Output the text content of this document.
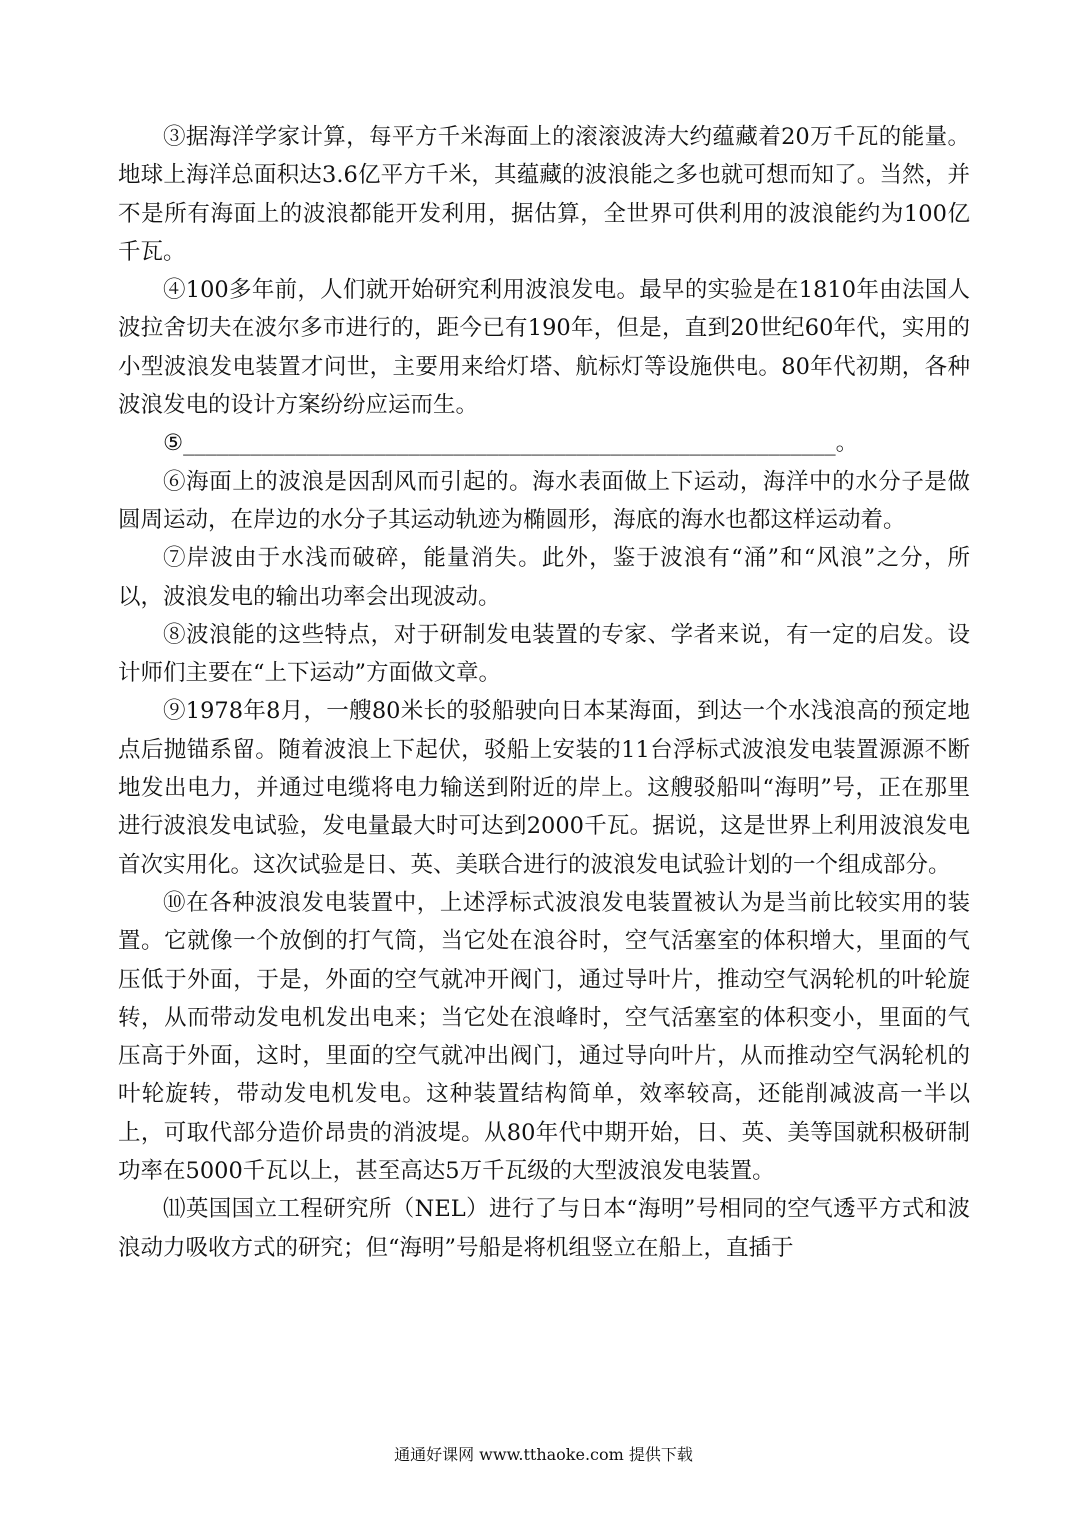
③据海洋学家计算，每平方千米海面上的滚滚波涛大约蕴藏着20万千瓦的能量。地球上海洋总面积达3.6亿平方千米，其蕴藏的波浪能之多也就可想而知了。当然，并不是所有海面上的波浪都能开发利用，据估算，全世界可供利用的波浪能约为100亿千瓦。

④100多年前，人们就开始研究利用波浪发电。最早的实验是在1810年由法国人波拉舍切夫在波尔多市进行的，距今已有190年，但是，直到20世纪60年代，实用的小型波浪发电装置才问世，主要用来给灯塔、航标灯等设施供电。80年代初期，各种波浪发电的设计方案纷纷应运而生。

⑤__________________________________________________________。

⑥海面上的波浪是因刮风而引起的。海水表面做上下运动，海洋中的水分子是做圆周运动，在岸边的水分子其运动轨迹为椭圆形，海底的海水也都这样运动着。

⑦岸波由于水浅而破碎，能量消失。此外，鉴于波浪有“涌”和“风浪”之分，所以，波浪发电的输出功率会出现波动。

⑧波浪能的这些特点，对于研制发电装置的专家、学者来说，有一定的启发。设计师们主要在“上下运动”方面做文章。

⑨1978年8月，一艘80米长的驳船驶向日本某海面，到达一个水浅浪高的预定地点后抛锚系留。随着波浪上下起伏，驳船上安装的11台浮标式波浪发电装置源源不断地发出电力，并通过电缆将电力输送到附近的岸上。这艘驳船叫“海明”号，正在那里进行波浪发电试验，发电量最大时可达到2000千瓦。据说，这是世界上利用波浪发电首次实用化。这次试验是日、英、美联合进行的波浪发电试验计划的一个组成部分。

⑩在各种波浪发电装置中，上述浮标式波浪发电装置被认为是当前比较实用的装置。它就像一个放倒的打气筒，当它处在浪谷时，空气活塞室的体积增大，里面的气压低于外面，于是，外面的空气就冲开阀门，通过导叶片，推动空气涡轮机的叶轮旋转，从而带动发电机发出电来；当它处在浪峰时，空气活塞室的体积变小，里面的气压高于外面，这时，里面的空气就冲出阀门，通过导向叶片，从而推动空气涡轮机的叶轮旋转，带动发电机发电。这种装置结构简单，效率较高，还能削减波高一半以上，可取代部分造价昂贵的消波堤。从80年代中期开始，日、英、美等国就积极研制功率在5000千瓦以上，甚至高达5万千瓦级的大型波浪发电装置。

⑾英国国立工程研究所（NEL）进行了与日本“海明”号相同的空气透平方式和波浪动力吸收方式的研究；但“海明”号船是将机组竖立在船上，直插于

通通好课网 www.tthaoke.com 提供下载
